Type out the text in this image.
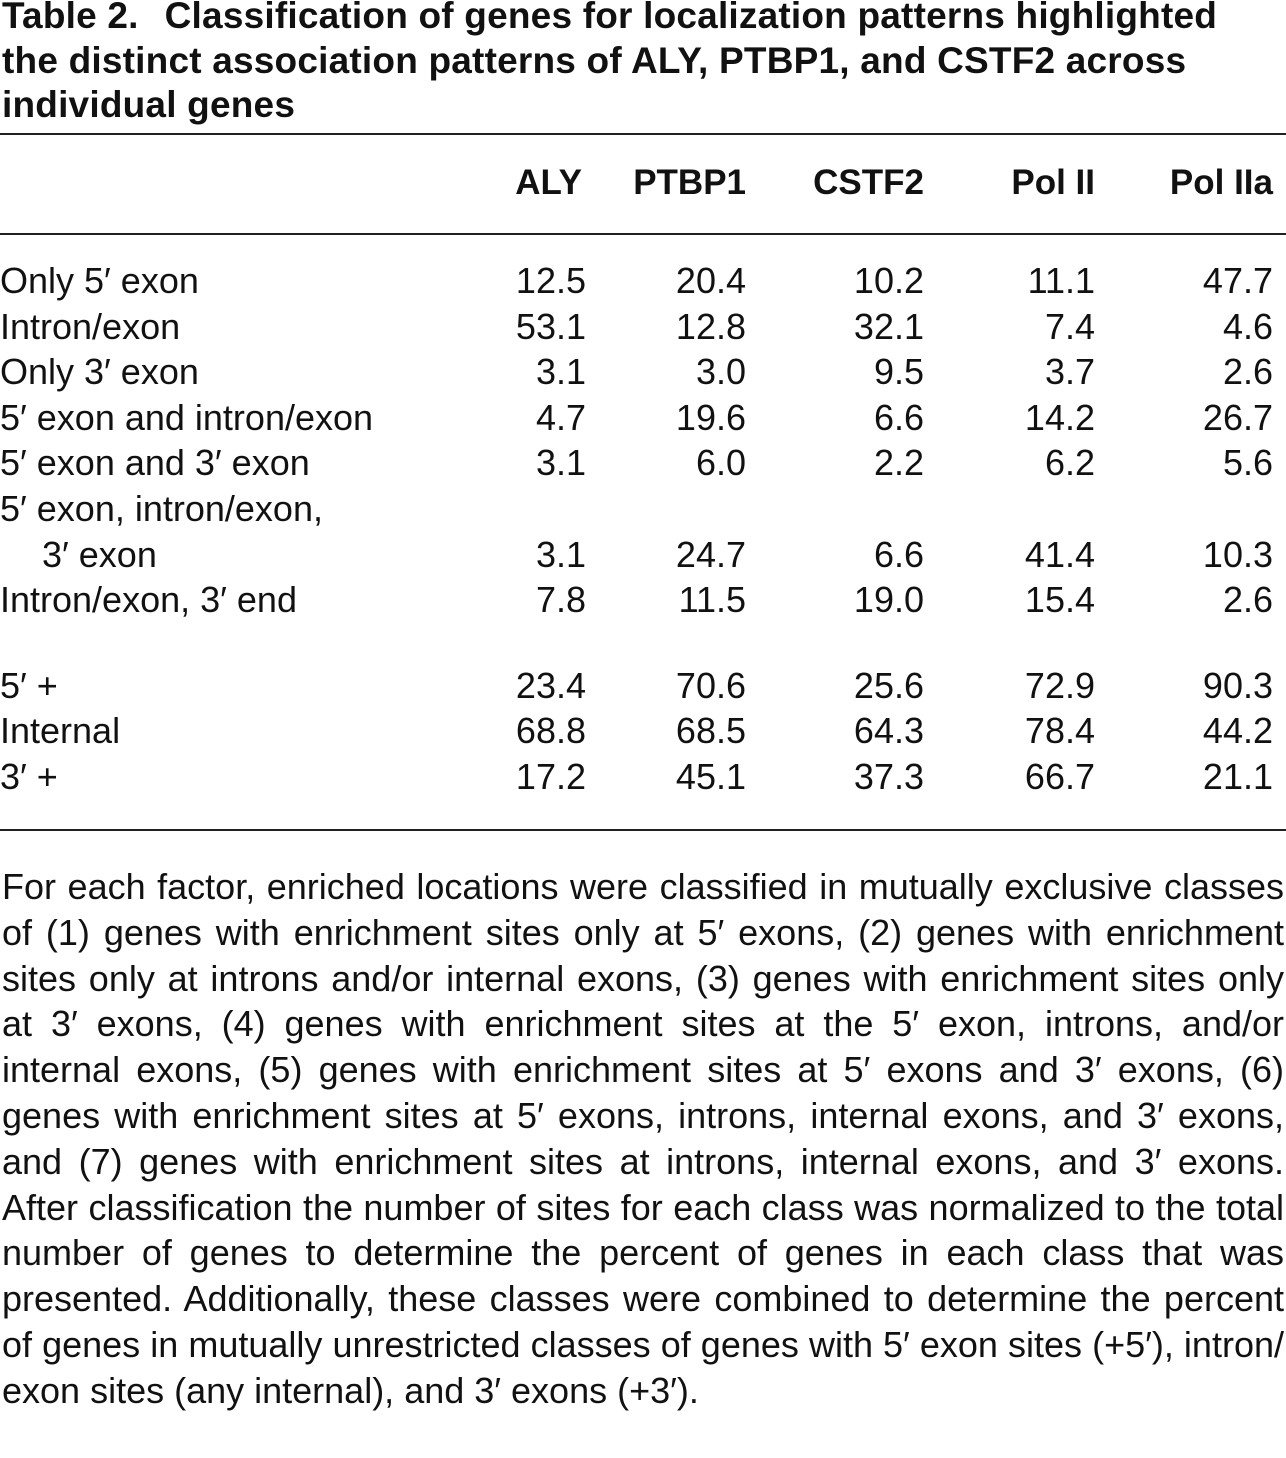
Table 2. Classification of genes for localization patterns highlighted the distinct association patterns of ALY, PTBP1, and CSTF2 across individual genes
	ALY	PTBP1	CSTF2	Pol II	Pol IIa

Only 5′ exon	12.5	20.4	10.2	11.1	47.7
Intron/exon	53.1	12.8	32.1	7.4	4.6
Only 3′ exon	3.1	3.0	9.5	3.7	2.6
5′ exon and intron/exon	4.7	19.6	6.6	14.2	26.7
5′ exon and 3′ exon	3.1	6.0	2.2	6.2	5.6
5′ exon, intron/exon,					
3′ exon	3.1	24.7	6.6	41.4	10.3
Intron/exon, 3′ end	7.8	11.5	19.0	15.4	2.6

5′ +	23.4	70.6	25.6	72.9	90.3
Internal	68.8	68.5	64.3	78.4	44.2
3′ +	17.2	45.1	37.3	66.7	21.1
For each factor, enriched locations were classified in mutually exclusive classes of (1) genes with enrichment sites only at 5′ exons, (2) genes with enrichment sites only at introns and/or internal exons, (3) genes with enrichment sites only at 3′ exons, (4) genes with enrichment sites at the 5′ exon, introns, and/or internal exons, (5) genes with enrichment sites at 5′ exons and 3′ exons, (6) genes with enrichment sites at 5′ exons, introns, internal exons, and 3′ exons, and (7) genes with enrichment sites at introns, internal exons, and 3′ exons. After classification the number of sites for each class was normalized to the total number of genes to determine the percent of genes in each class that was presented. Additionally, these classes were combined to determine the percent of genes in mutually unrestricted classes of genes with 5′ exon sites (+5′), intron/ exon sites (any internal), and 3′ exons (+3′).
